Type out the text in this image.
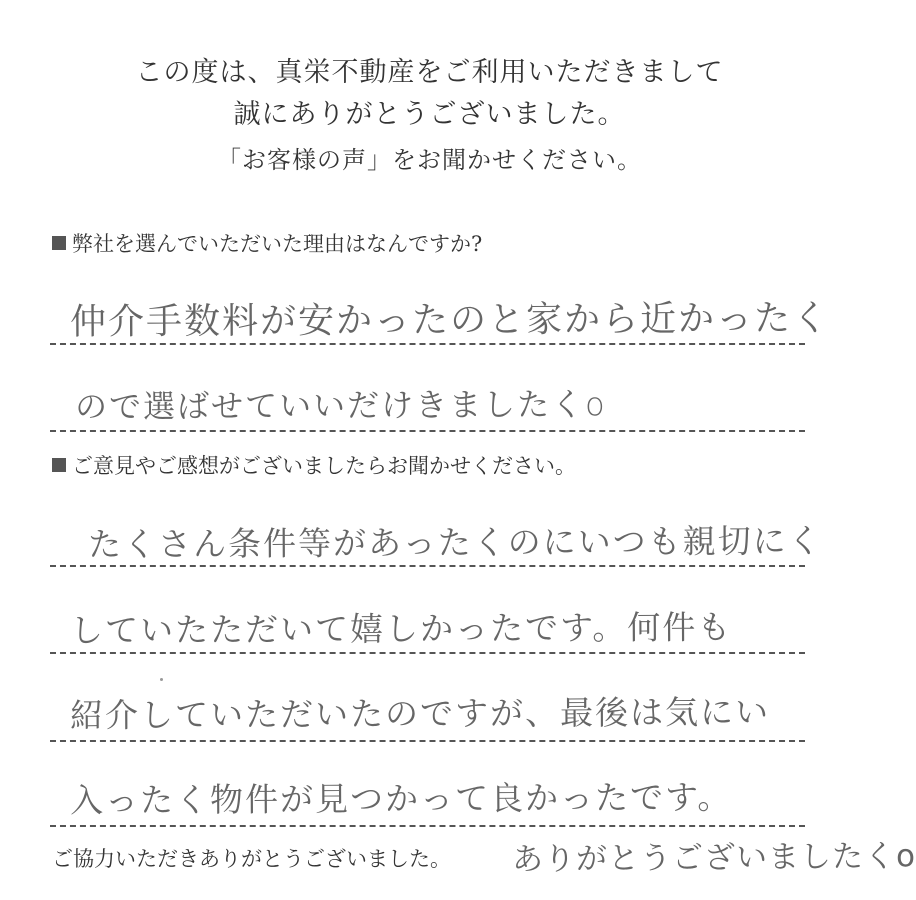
この度は、真栄不動産をご利用いただきまして
誠にありがとうございました。
「お客様の声」をお聞かせください。
弊社を選んでいただいた理由はなんですか?
仲介手数料が安かったのと家から近かったく
ので選ばせていいだけきましたくо
ご意見やご感想がございましたらお聞かせください。
たくさん条件等があったくのにいつも親切にく
していたただいて嬉しかったです。何件も
紹介していただいたのですが、最後は気にい
入ったく物件が見つかって良かったです。
ご協力いただきありがとうございました。 ありがとうございましたくo
